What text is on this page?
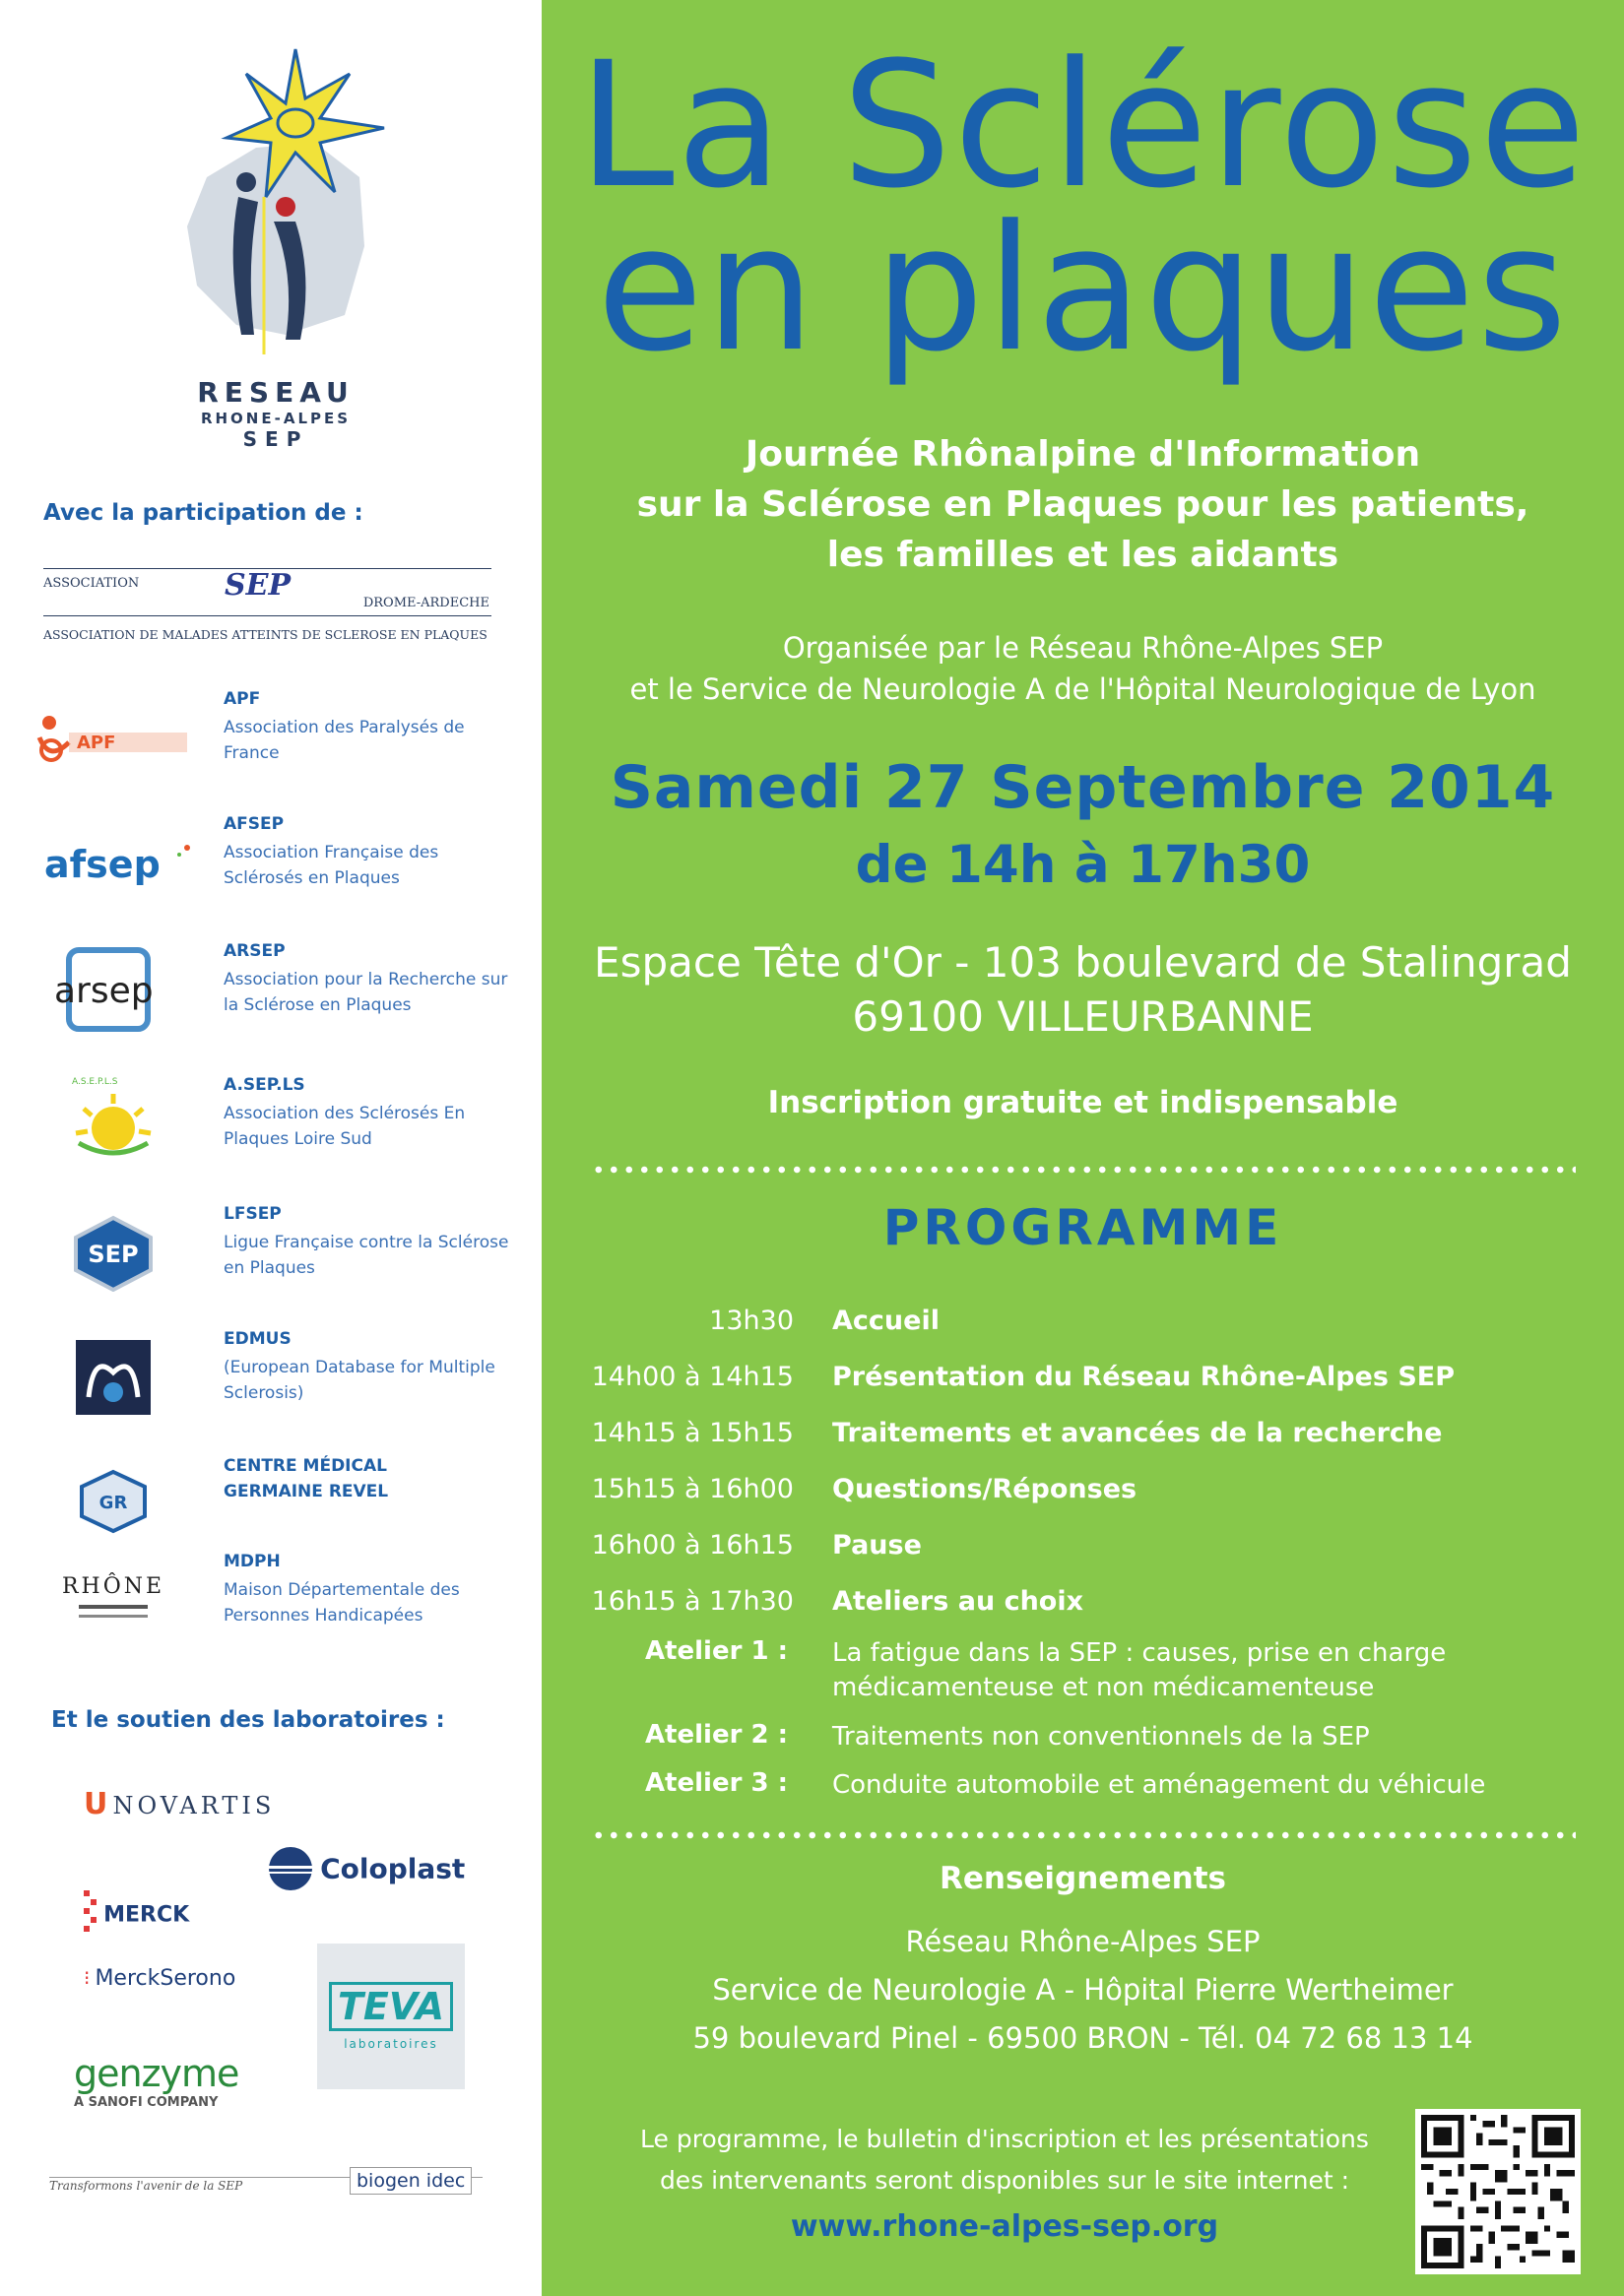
RESEAU
RHONE-ALPES
SEP
Avec la participation de :
ASSOCIATION	SEP
DROME-ARDECHE
ASSOCIATION DE MALADES ATTEINTS DE SCLEROSE EN PLAQUES
APF
APF
Association des Paralysés de France
afsep
AFSEP
Association Française des Sclérosés en Plaques
arsep
ARSEP
Association pour la Recherche sur la Sclérose en Plaques
A.S.E.P.L.S	A.SEP.LS
Association des Sclérosés En Plaques Loire Sud
SEP
LFSEP
Ligue Française contre la Sclérose en Plaques
EDMUS
(European Database for Multiple Sclerosis)
GR
CENTRE MÉDICAL GERMAINE REVEL
RHÔNE
MDPH
Maison Départementale des Personnes Handicapées
Et le soutien des laboratoires :
ᑌ NOVARTIS
Coloplast
MERCK
⁝ MerckSerono
TEVA
laboratoires
genzyme
A SANOFI COMPANY
Transformons l'avenir de la SEP	biogen idec
La Sclérose
en plaques
Journée Rhônalpine d'Information
sur la Sclérose en Plaques pour les patients,
les familles et les aidants
Organisée par le Réseau Rhône-Alpes SEP
et le Service de Neurologie A de l'Hôpital Neurologique de Lyon
Samedi 27 Septembre 2014
de 14h à 17h30
Espace Tête d'Or - 103 boulevard de Stalingrad
69100 VILLEURBANNE
Inscription gratuite et indispensable
PROGRAMME
13h30 Accueil
14h00 à 14h15 Présentation du Réseau Rhône-Alpes SEP
14h15 à 15h15 Traitements et avancées de la recherche
15h15 à 16h00 Questions/Réponses
16h00 à 16h15 Pause
16h15 à 17h30 Ateliers au choix
Atelier 1 : La fatigue dans la SEP : causes, prise en charge médicamenteuse et non médicamenteuse
Atelier 2 : Traitements non conventionnels de la SEP
Atelier 3 : Conduite automobile et aménagement du véhicule
Renseignements
Réseau Rhône-Alpes SEP
Service de Neurologie A - Hôpital Pierre Wertheimer
59 boulevard Pinel - 69500 BRON - Tél. 04 72 68 13 14
Le programme, le bulletin d'inscription et les présentations
des intervenants seront disponibles sur le site internet :
www.rhone-alpes-sep.org
